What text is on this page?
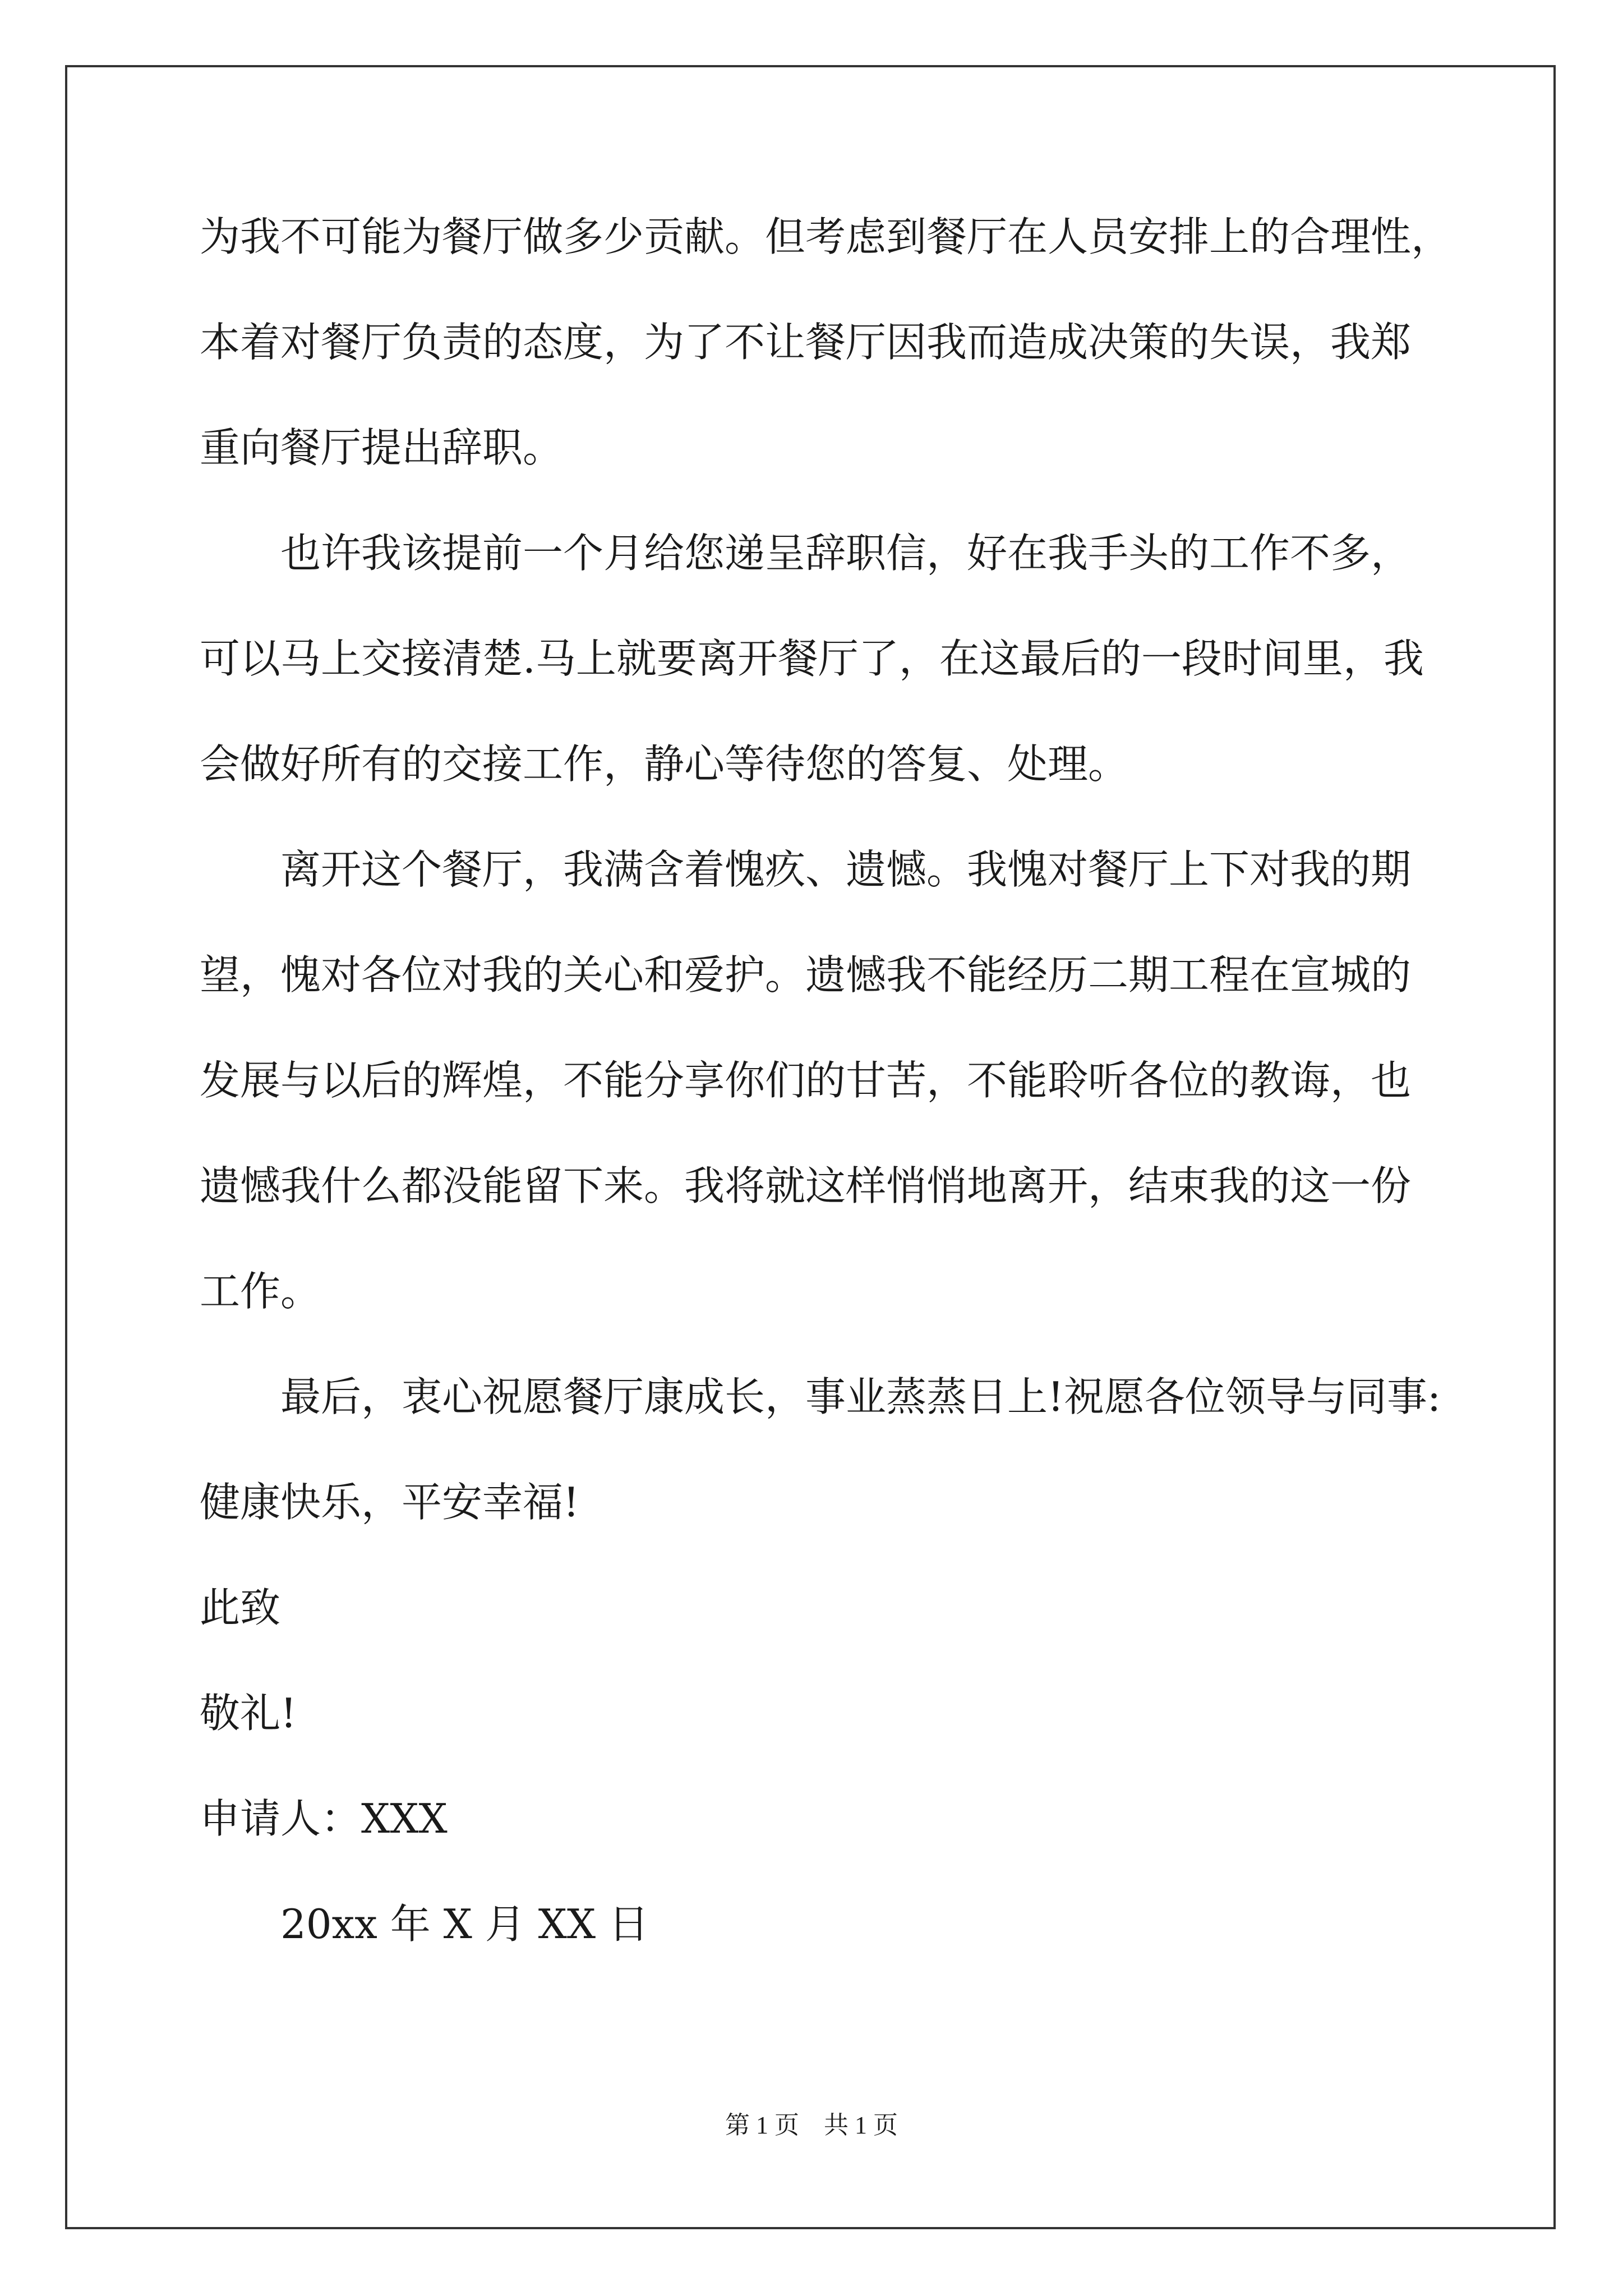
为我不可能为餐厅做多少贡献。但考虑到餐厅在人员安排上的合理性，
本着对餐厅负责的态度，为了不让餐厅因我而造成决策的失误，我郑
重向餐厅提出辞职。
也许我该提前一个月给您递呈辞职信，好在我手头的工作不多，
可以马上交接清楚.马上就要离开餐厅了，在这最后的一段时间里，我
会做好所有的交接工作，静心等待您的答复、处理。
离开这个餐厅，我满含着愧疚、遗憾。我愧对餐厅上下对我的期
望，愧对各位对我的关心和爱护。遗憾我不能经历二期工程在宣城的
发展与以后的辉煌，不能分享你们的甘苦，不能聆听各位的教诲，也
遗憾我什么都没能留下来。我将就这样悄悄地离开，结束我的这一份
工作。
最后，衷心祝愿餐厅康成长，事业蒸蒸日上!祝愿各位领导与同事:
健康快乐，平安幸福!
此致
敬礼!
申请人：XXX
20xx 年 X 月 XX 日
第 1 页　共 1 页
